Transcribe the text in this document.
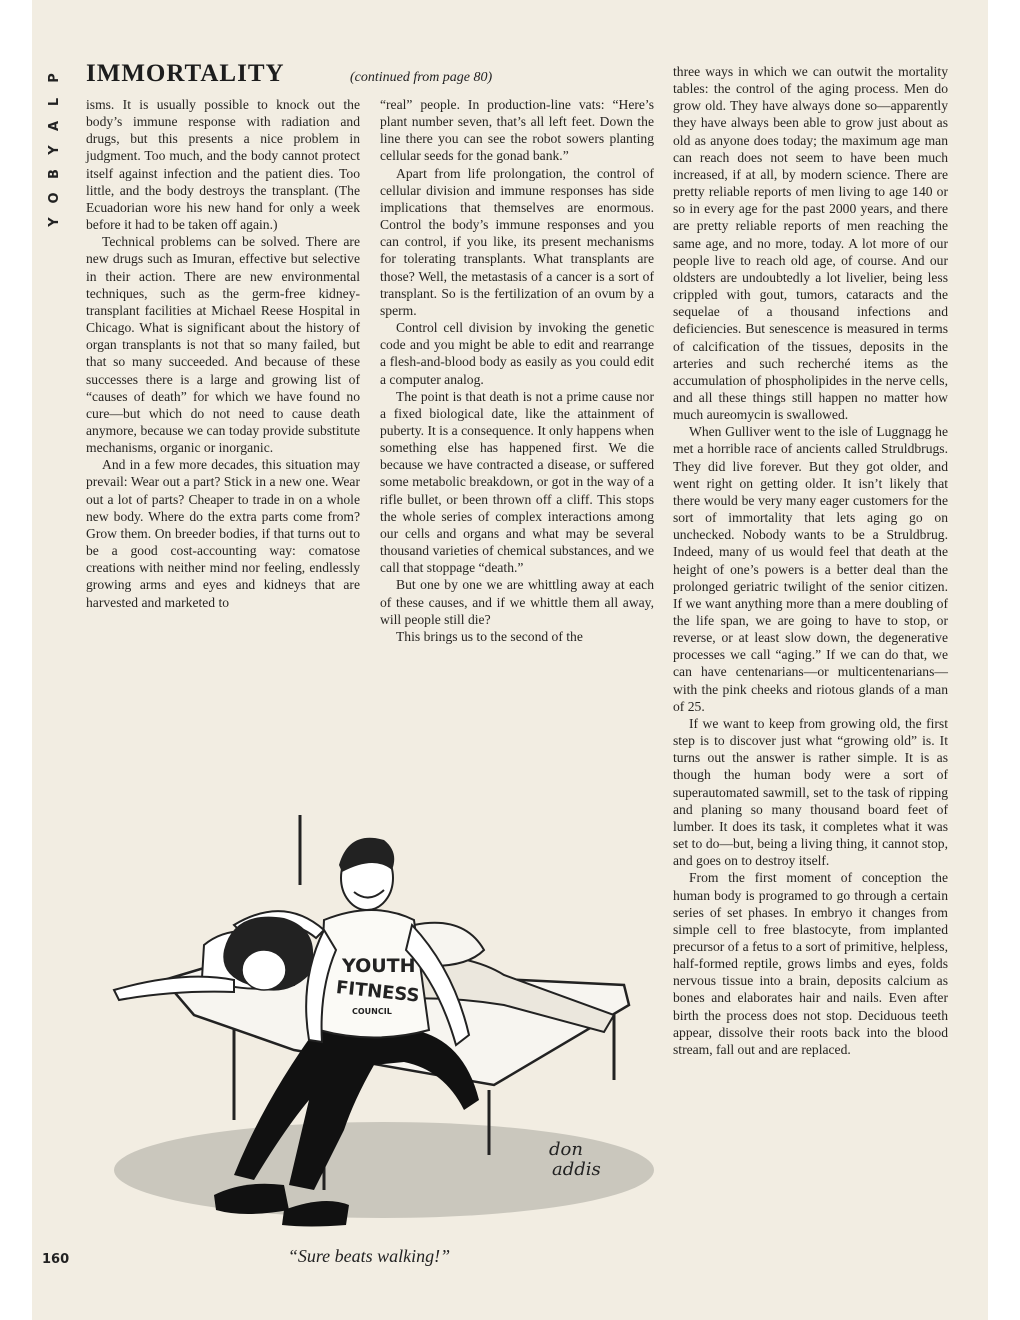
P
L
A
Y
B
O
Y
IMMORTALITY	(continued from page 80)

isms. It is usually possible to knock out the body’s immune response with radiation and drugs, but this presents a nice problem in judgment. Too much, and the body cannot protect itself against infection and the patient dies. Too little, and the body destroys the transplant. (The Ecuadorian wore his new hand for only a week before it had to be taken off again.)

Technical problems can be solved. There are new drugs such as Imuran, effective but selective in their action. There are new environmental techniques, such as the germ-free kidney-transplant facilities at Michael Reese Hospital in Chicago. What is significant about the history of organ transplants is not that so many failed, but that so many succeeded. And because of these successes there is a large and growing list of “causes of death” for which we have found no cure—but which do not need to cause death anymore, because we can today provide substitute mechanisms, organic or inorganic.

And in a few more decades, this situation may prevail: Wear out a part? Stick in a new one. Wear out a lot of parts? Cheaper to trade in on a whole new body. Where do the extra parts come from? Grow them. On breeder bodies, if that turns out to be a good cost-accounting way: comatose creations with neither mind nor feeling, endlessly growing arms and eyes and kidneys that are harvested and marketed to

“real” people. In production-line vats: “Here’s plant number seven, that’s all left feet. Down the line there you can see the robot sowers planting cellular seeds for the gonad bank.”

Apart from life prolongation, the control of cellular division and immune responses has side implications that themselves are enormous. Control the body’s immune responses and you can control, if you like, its present mechanisms for tolerating transplants. What transplants are those? Well, the metastasis of a cancer is a sort of transplant. So is the fertilization of an ovum by a sperm.

Control cell division by invoking the genetic code and you might be able to edit and rearrange a flesh-and-blood body as easily as you could edit a computer analog.

The point is that death is not a prime cause nor a fixed biological date, like the attainment of puberty. It is a consequence. It only happens when something else has happened first. We die because we have contracted a disease, or suffered some metabolic breakdown, or got in the way of a rifle bullet, or been thrown off a cliff. This stops the whole series of complex interactions among our cells and organs and what may be several thousand varieties of chemical substances, and we call that stoppage “death.”

But one by one we are whittling away at each of these causes, and if we whittle them all away, will people still die?

This brings us to the second of the

three ways in which we can outwit the mortality tables: the control of the aging process. Men do grow old. They have always done so—apparently they have always been able to grow just about as old as anyone does today; the maximum age man can reach does not seem to have been much increased, if at all, by modern science. There are pretty reliable reports of men living to age 140 or so in every age for the past 2000 years, and there are pretty reliable reports of men reaching the same age, and no more, today. A lot more of our people live to reach old age, of course. And our oldsters are undoubtedly a lot livelier, being less crippled with gout, tumors, cataracts and the sequelae of a thousand infections and deficiencies. But senescence is measured in terms of calcification of the tissues, deposits in the arteries and such recherché items as the accumulation of phospholipides in the nerve cells, and all these things still happen no matter how much aureomycin is swallowed.

When Gulliver went to the isle of Luggnagg he met a horrible race of ancients called Struldbrugs. They did live forever. But they got older, and went right on getting older. It isn’t likely that there would be very many eager customers for the sort of immortality that lets aging go on unchecked. Nobody wants to be a Struldbrug. Indeed, many of us would feel that death at the height of one’s powers is a better deal than the prolonged geriatric twilight of the senior citizen. If we want anything more than a mere doubling of the life span, we are going to have to stop, or reverse, or at least slow down, the degenerative processes we call “aging.” If we can do that, we can have centenarians—or multicentenarians—with the pink cheeks and riotous glands of a man of 25.

If we want to keep from growing old, the first step is to discover just what “growing old” is. It turns out the answer is rather simple. It is as though the human body were a sort of superautomated sawmill, set to the task of ripping and planing so many thousand board feet of lumber. It does its task, it completes what it was set to do—but, being a living thing, it cannot stop, and goes on to destroy itself.

From the first moment of conception the human body is programed to go through a certain series of set phases. In embryo it changes from simple cell to free blastocyte, from implanted precursor of a fetus to a sort of primitive, helpless, half-formed reptile, grows limbs and eyes, folds nervous tissue into a brain, deposits calcium as bones and elaborates hair and nails. Even after birth the process does not stop. Deciduous teeth appear, dissolve their roots back into the blood stream, fall out and are replaced.

YOUTH
FITNESS
COUNCIL
don
addis
“Sure beats walking!”
160
